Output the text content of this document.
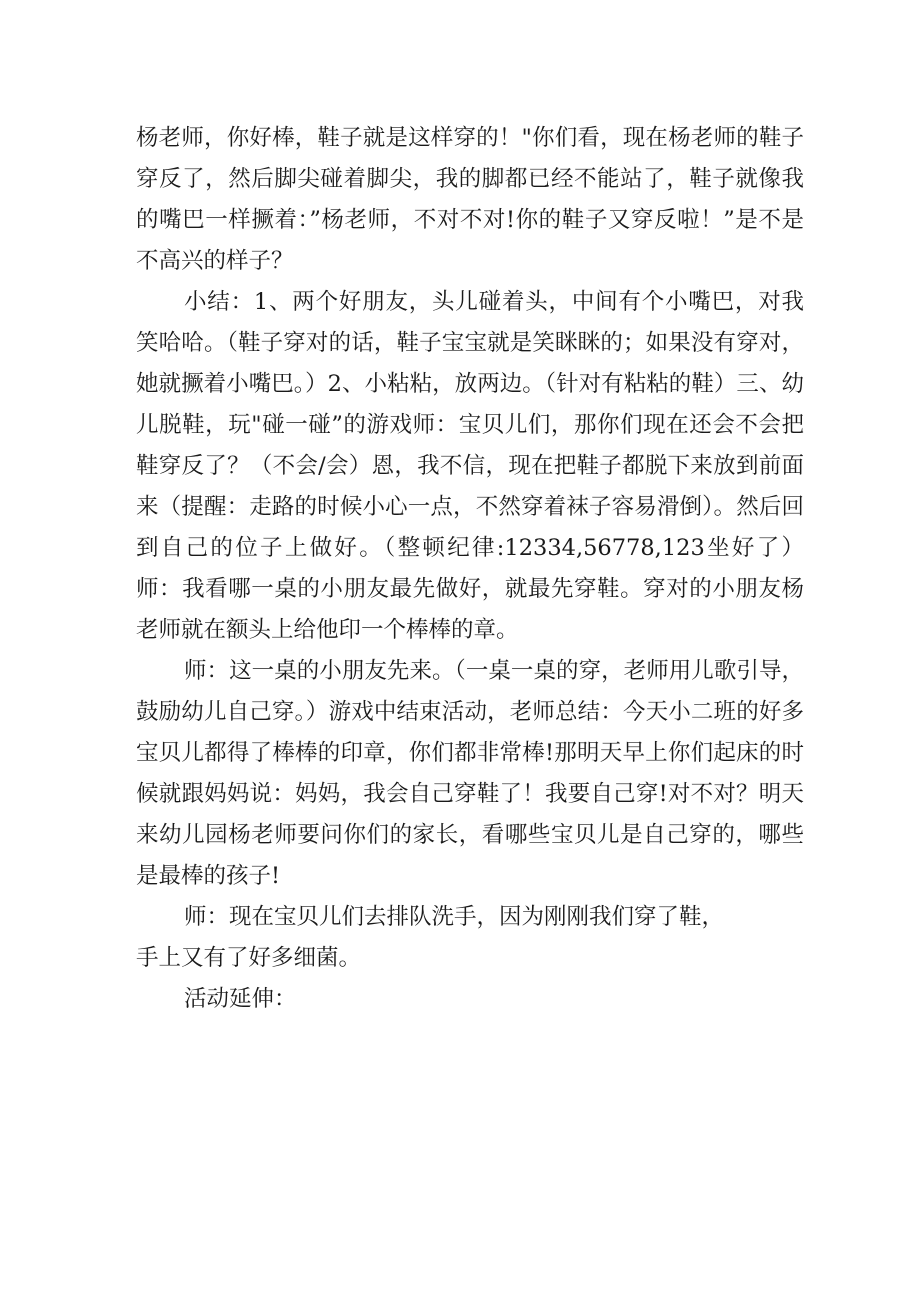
杨老师，你好棒，鞋子就是这样穿的！"你们看，现在杨老师的鞋子穿反了，然后脚尖碰着脚尖，我的脚都已经不能站了，鞋子就像我的嘴巴一样撅着：”杨老师，不对不对!你的鞋子又穿反啦！”是不是不高兴的样子？

小结：1、两个好朋友，头儿碰着头，中间有个小嘴巴，对我笑哈哈。（鞋子穿对的话，鞋子宝宝就是笑眯眯的；如果没有穿对，她就撅着小嘴巴。）2、小粘粘，放两边。（针对有粘粘的鞋）三、幼儿脱鞋，玩"碰一碰”的游戏师：宝贝儿们，那你们现在还会不会把鞋穿反了？（不会/会）恩，我不信，现在把鞋子都脱下来放到前面来（提醒：走路的时候小心一点，不然穿着袜子容易滑倒）。然后回到自己的位子上做好。（整顿纪律:12334,56778,123坐好了）师：我看哪一桌的小朋友最先做好，就最先穿鞋。穿对的小朋友杨老师就在额头上给他印一个棒棒的章。

师：这一桌的小朋友先来。（一桌一桌的穿，老师用儿歌引导，鼓励幼儿自己穿。）游戏中结束活动，老师总结：今天小二班的好多宝贝儿都得了棒棒的印章，你们都非常棒!那明天早上你们起床的时候就跟妈妈说：妈妈，我会自己穿鞋了！我要自己穿!对不对？明天来幼儿园杨老师要问你们的家长，看哪些宝贝儿是自己穿的，哪些是最棒的孩子!

师：现在宝贝儿们去排队洗手，因为刚刚我们穿了鞋，
手上又有了好多细菌。

活动延伸：
